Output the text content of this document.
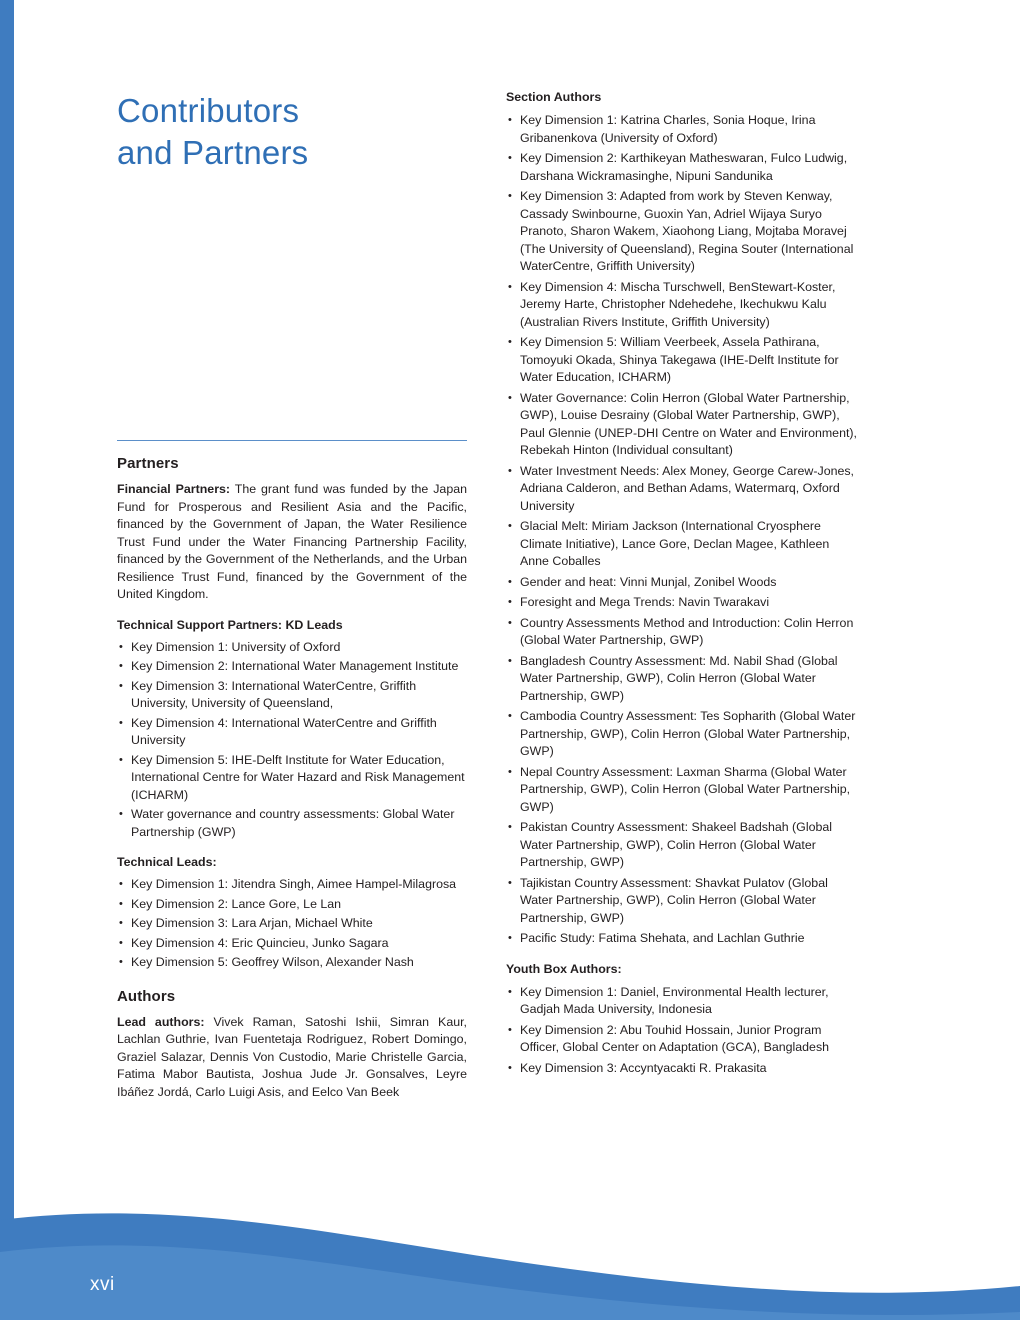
Contributors
and Partners
Partners

Financial Partners: The grant fund was funded by the Japan Fund for Prosperous and Resilient Asia and the Pacific, financed by the Government of Japan, the Water Resilience Trust Fund under the Water Financing Partnership Facility, financed by the Government of the Netherlands, and the Urban Resilience Trust Fund, financed by the Government of the United Kingdom.

Technical Support Partners: KD Leads
• Key Dimension 1: University of Oxford
• Key Dimension 2: International Water Management Institute
• Key Dimension 3: International WaterCentre, Griffith University, University of Queensland,
• Key Dimension 4: International WaterCentre and Griffith University
• Key Dimension 5: IHE-Delft Institute for Water Education, International Centre for Water Hazard and Risk Management (ICHARM)
• Water governance and country assessments: Global Water Partnership (GWP)
Technical Leads:
• Key Dimension 1: Jitendra Singh, Aimee Hampel-Milagrosa
• Key Dimension 2: Lance Gore, Le Lan
• Key Dimension 3: Lara Arjan, Michael White
• Key Dimension 4: Eric Quincieu, Junko Sagara
• Key Dimension 5: Geoffrey Wilson, Alexander Nash
Authors

Lead authors: Vivek Raman, Satoshi Ishii, Simran Kaur, Lachlan Guthrie, Ivan Fuentetaja Rodriguez, Robert Domingo, Graziel Salazar, Dennis Von Custodio, Marie Christelle Garcia, Fatima Mabor Bautista, Joshua Jude Jr. Gonsalves, Leyre Ibáñez Jordá, Carlo Luigi Asis, and Eelco Van Beek

Section Authors
• Key Dimension 1: Katrina Charles, Sonia Hoque, Irina Gribanenkova (University of Oxford)
• Key Dimension 2: Karthikeyan Matheswaran, Fulco Ludwig, Darshana Wickramasinghe, Nipuni Sandunika
• Key Dimension 3: Adapted from work by Steven Kenway, Cassady Swinbourne, Guoxin Yan, Adriel Wijaya Suryo Pranoto, Sharon Wakem, Xiaohong Liang, Mojtaba Moravej (The University of Queensland), Regina Souter (International WaterCentre, Griffith University)
• Key Dimension 4: Mischa Turschwell, BenStewart-Koster, Jeremy Harte, Christopher Ndehedehe, Ikechukwu Kalu (Australian Rivers Institute, Griffith University)
• Key Dimension 5: William Veerbeek, Assela Pathirana, Tomoyuki Okada, Shinya Takegawa (IHE-Delft Institute for Water Education, ICHARM)
• Water Governance: Colin Herron (Global Water Partnership, GWP), Louise Desrainy (Global Water Partnership, GWP), Paul Glennie (UNEP-DHI Centre on Water and Environment), Rebekah Hinton (Individual consultant)
• Water Investment Needs: Alex Money, George Carew-Jones, Adriana Calderon, and Bethan Adams, Watermarq, Oxford University
• Glacial Melt: Miriam Jackson (International Cryosphere Climate Initiative), Lance Gore, Declan Magee, Kathleen Anne Coballes
• Gender and heat: Vinni Munjal, Zonibel Woods
• Foresight and Mega Trends: Navin Twarakavi
• Country Assessments Method and Introduction: Colin Herron (Global Water Partnership, GWP)
• Bangladesh Country Assessment: Md. Nabil Shad (Global Water Partnership, GWP), Colin Herron (Global Water Partnership, GWP)
• Cambodia Country Assessment: Tes Sopharith (Global Water Partnership, GWP), Colin Herron (Global Water Partnership, GWP)
• Nepal Country Assessment: Laxman Sharma (Global Water Partnership, GWP), Colin Herron (Global Water Partnership, GWP)
• Pakistan Country Assessment: Shakeel Badshah (Global Water Partnership, GWP), Colin Herron (Global Water Partnership, GWP)
• Tajikistan Country Assessment: Shavkat Pulatov (Global Water Partnership, GWP), Colin Herron (Global Water Partnership, GWP)
• Pacific Study: Fatima Shehata, and Lachlan Guthrie
Youth Box Authors:
• Key Dimension 1: Daniel, Environmental Health lecturer, Gadjah Mada University, Indonesia
• Key Dimension 2: Abu Touhid Hossain, Junior Program Officer, Global Center on Adaptation (GCA), Bangladesh
• Key Dimension 3: Accyntyacakti R. Prakasita
xvi
